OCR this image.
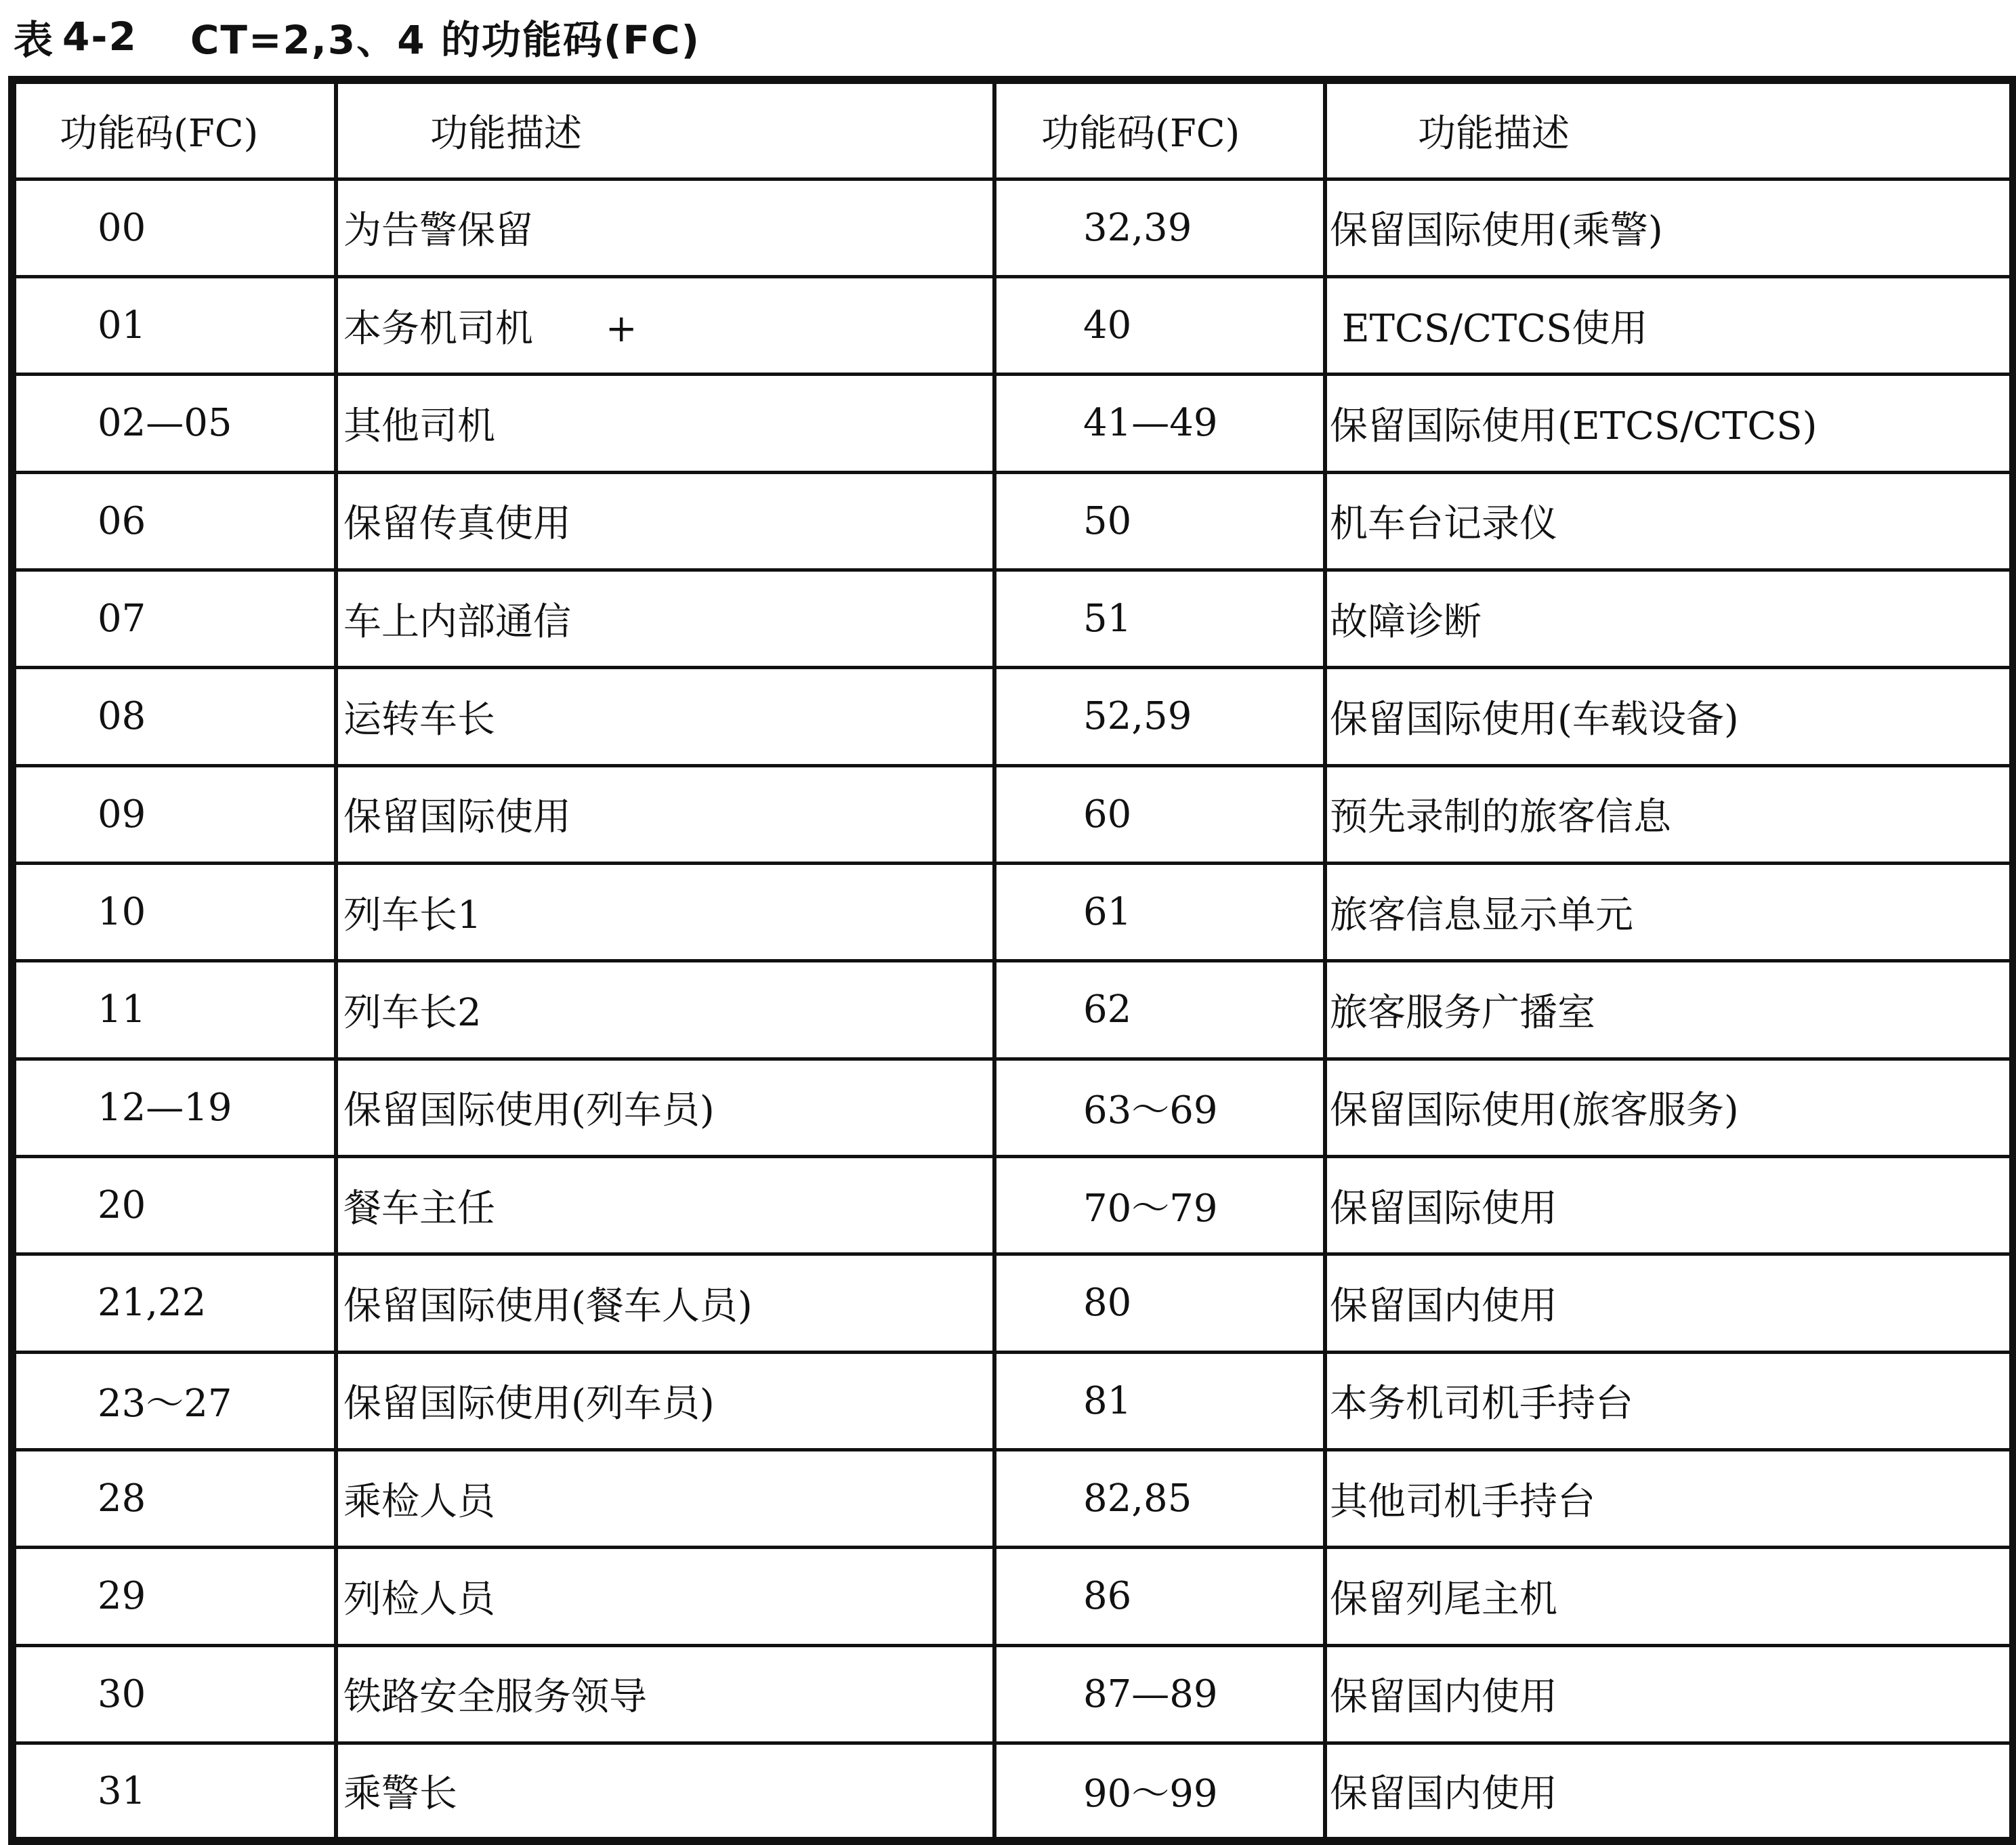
表 4-2 CT=2,3、4 的功能码(FC)
功能码(FC)	功能描述	功能码(FC)	功能描述
00	为告警保留	32,39	保留国际使用(乘警)
01	本务机司机      +	40	ETCS/CTCS使用
02—05	其他司机	41—49	保留国际使用(ETCS/CTCS)
06	保留传真使用	50	机车台记录仪
07	车上内部通信	51	故障诊断
08	运转车长	52,59	保留国际使用(车载设备)
09	保留国际使用	60	预先录制的旅客信息
10	列车长1	61	旅客信息显示单元
11	列车长2	62	旅客服务广播室
12—19	保留国际使用(列车员)	63～69	保留国际使用(旅客服务)
20	餐车主任	70～79	保留国际使用
21,22	保留国际使用(餐车人员)	80	保留国内使用
23～27	保留国际使用(列车员)	81	本务机司机手持台
28	乘检人员	82,85	其他司机手持台
29	列检人员	86	保留列尾主机
30	铁路安全服务领导	87—89	保留国内使用
31	乘警长	90～99	保留国内使用
